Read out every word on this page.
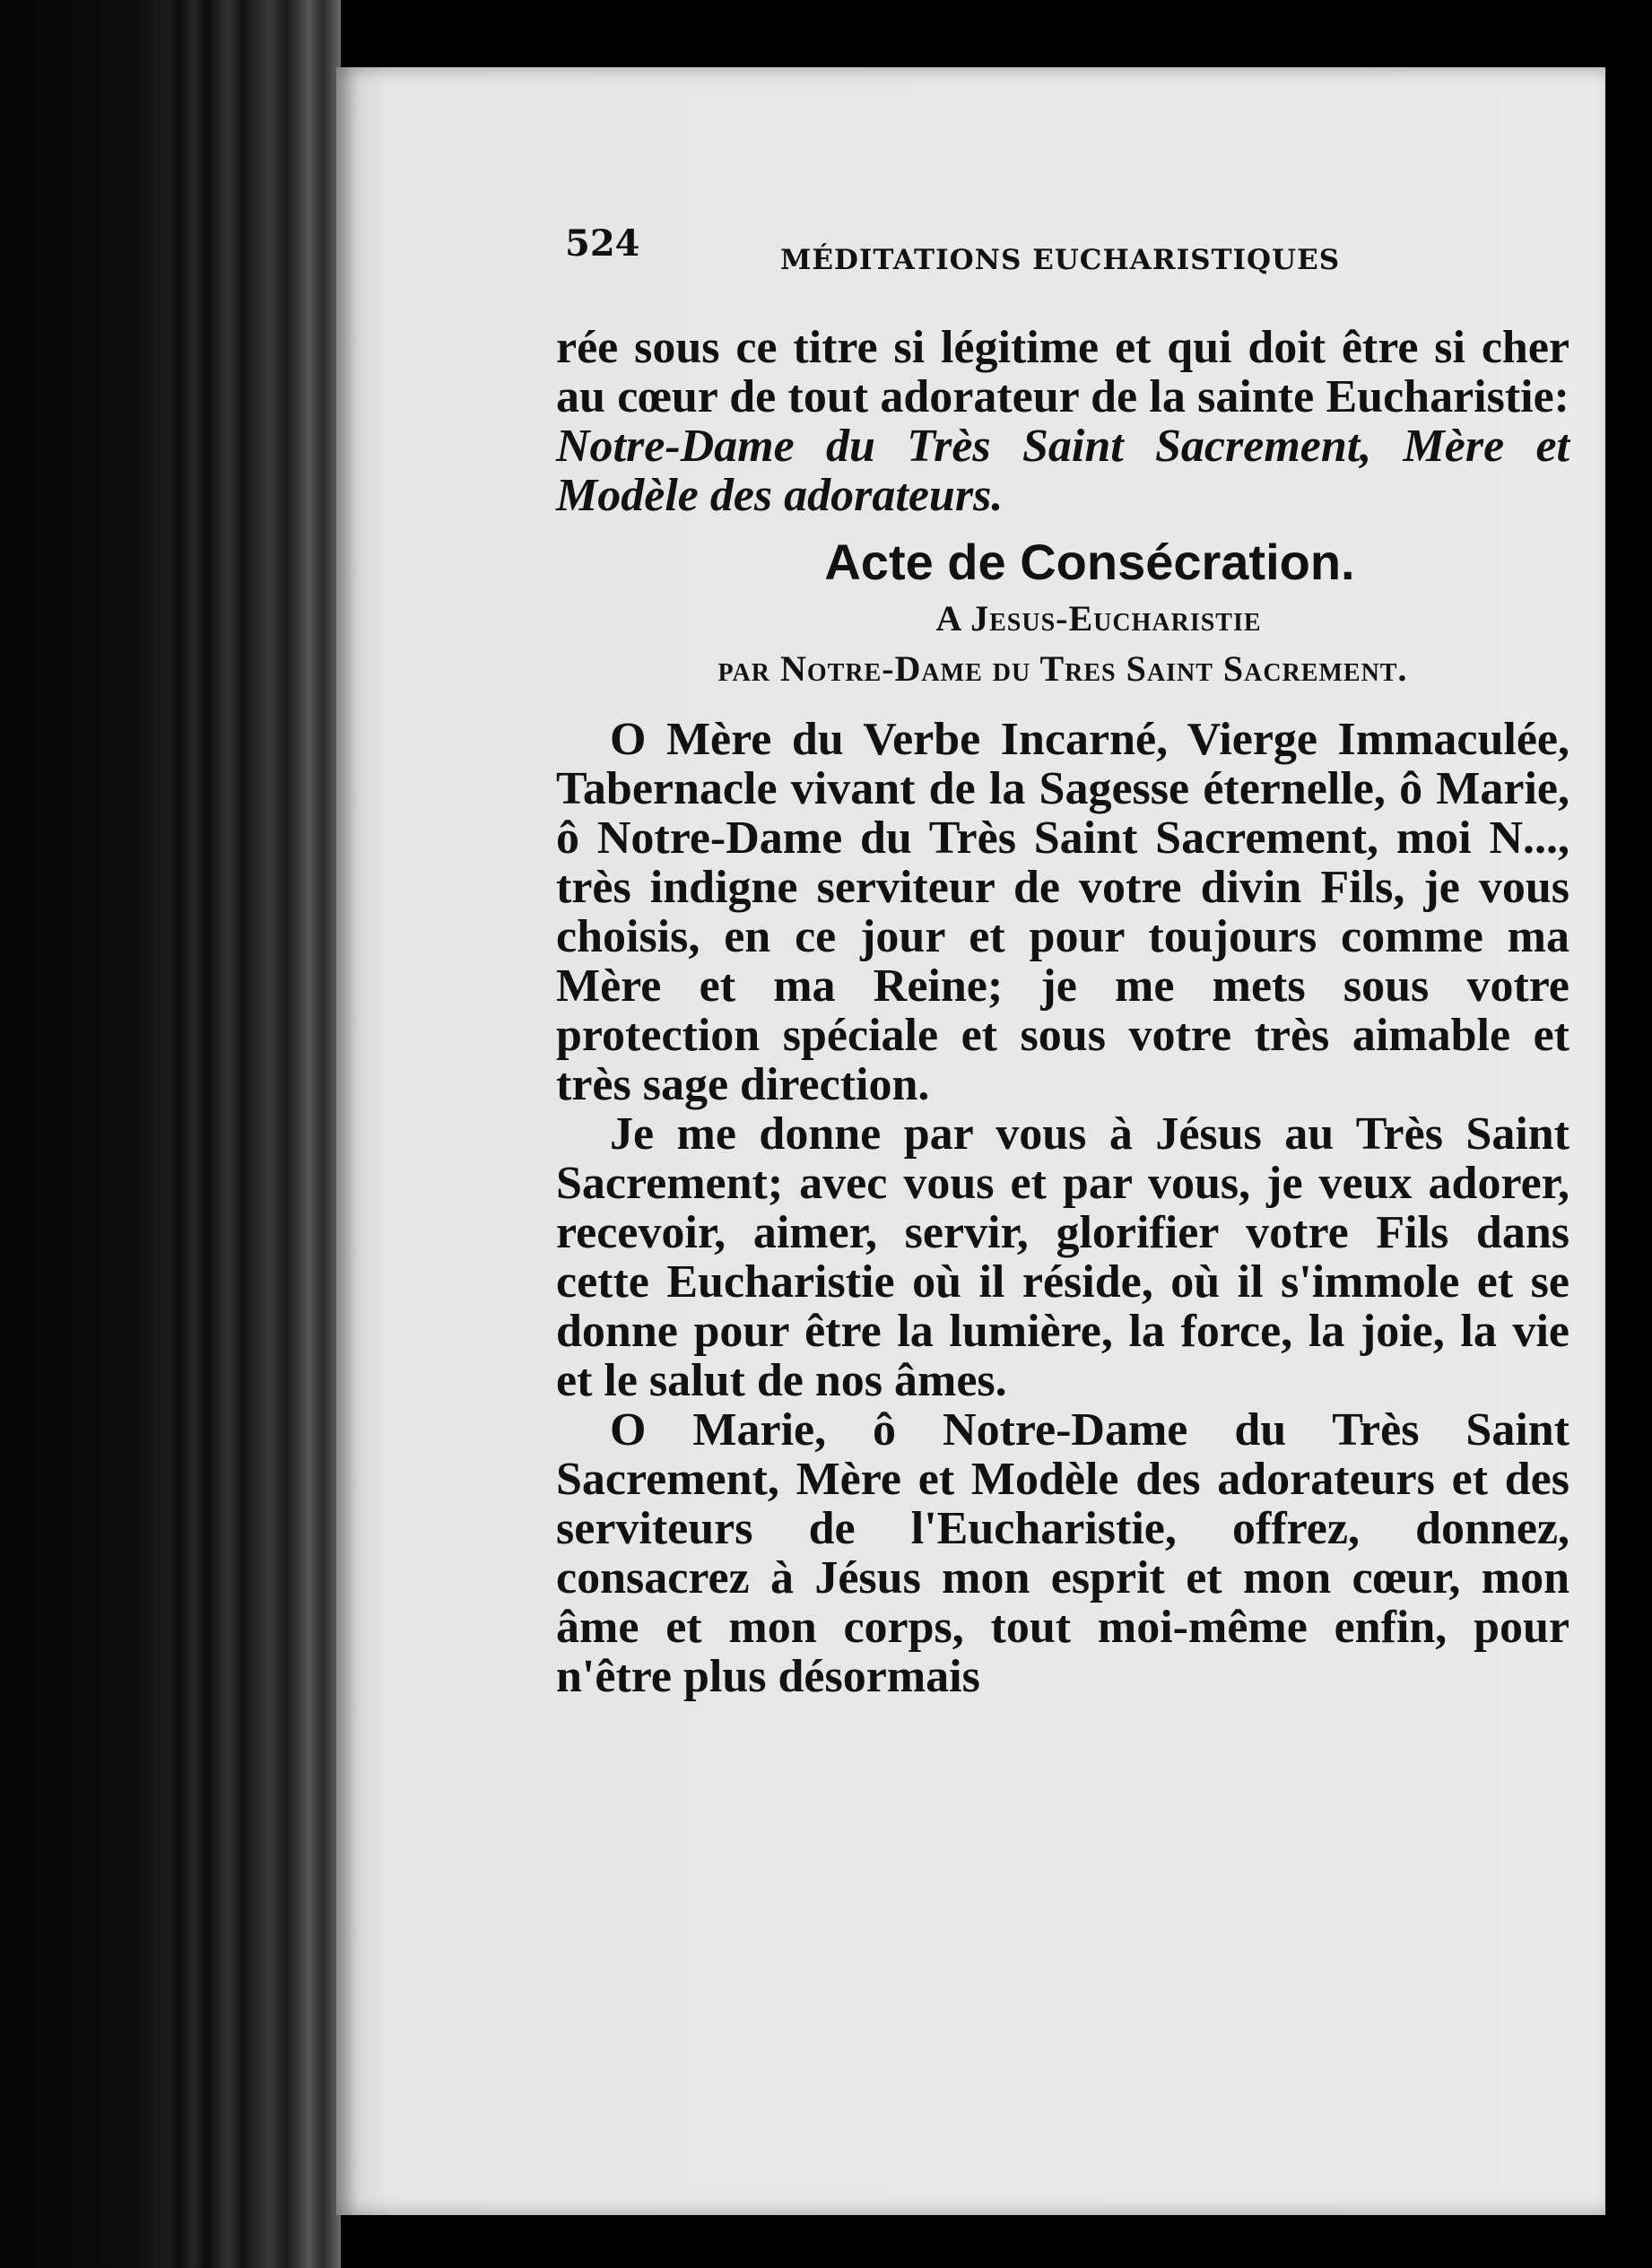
524	MÉDITATIONS EUCHARISTIQUES

rée sous ce titre si légitime et qui doit être si cher au cœur de tout adorateur de la sainte Eucharistie: Notre-Dame du Très Saint Sacrement, Mère et Modèle des adorateurs.

Acte de Consécration.

A Jesus-Eucharistie

par Notre-Dame du Tres Saint Sacrement.

O Mère du Verbe Incarné, Vierge Immaculée, Tabernacle vivant de la Sagesse éternelle, ô Marie, ô Notre-Dame du Très Saint Sacrement, moi N..., très indigne serviteur de votre divin Fils, je vous choisis, en ce jour et pour toujours comme ma Mère et ma Reine; je me mets sous votre protection spéciale et sous votre très aimable et très sage direction.

Je me donne par vous à Jésus au Très Saint Sacrement; avec vous et par vous, je veux adorer, recevoir, aimer, servir, glorifier votre Fils dans cette Eucharistie où il réside, où il s'immole et se donne pour être la lumière, la force, la joie, la vie et le salut de nos âmes.

O Marie, ô Notre-Dame du Très Saint Sacrement, Mère et Modèle des adorateurs et des serviteurs de l'Eucharistie, offrez, donnez, consacrez à Jésus mon esprit et mon cœur, mon âme et mon corps, tout moi-même enfin, pour n'être plus désormais
